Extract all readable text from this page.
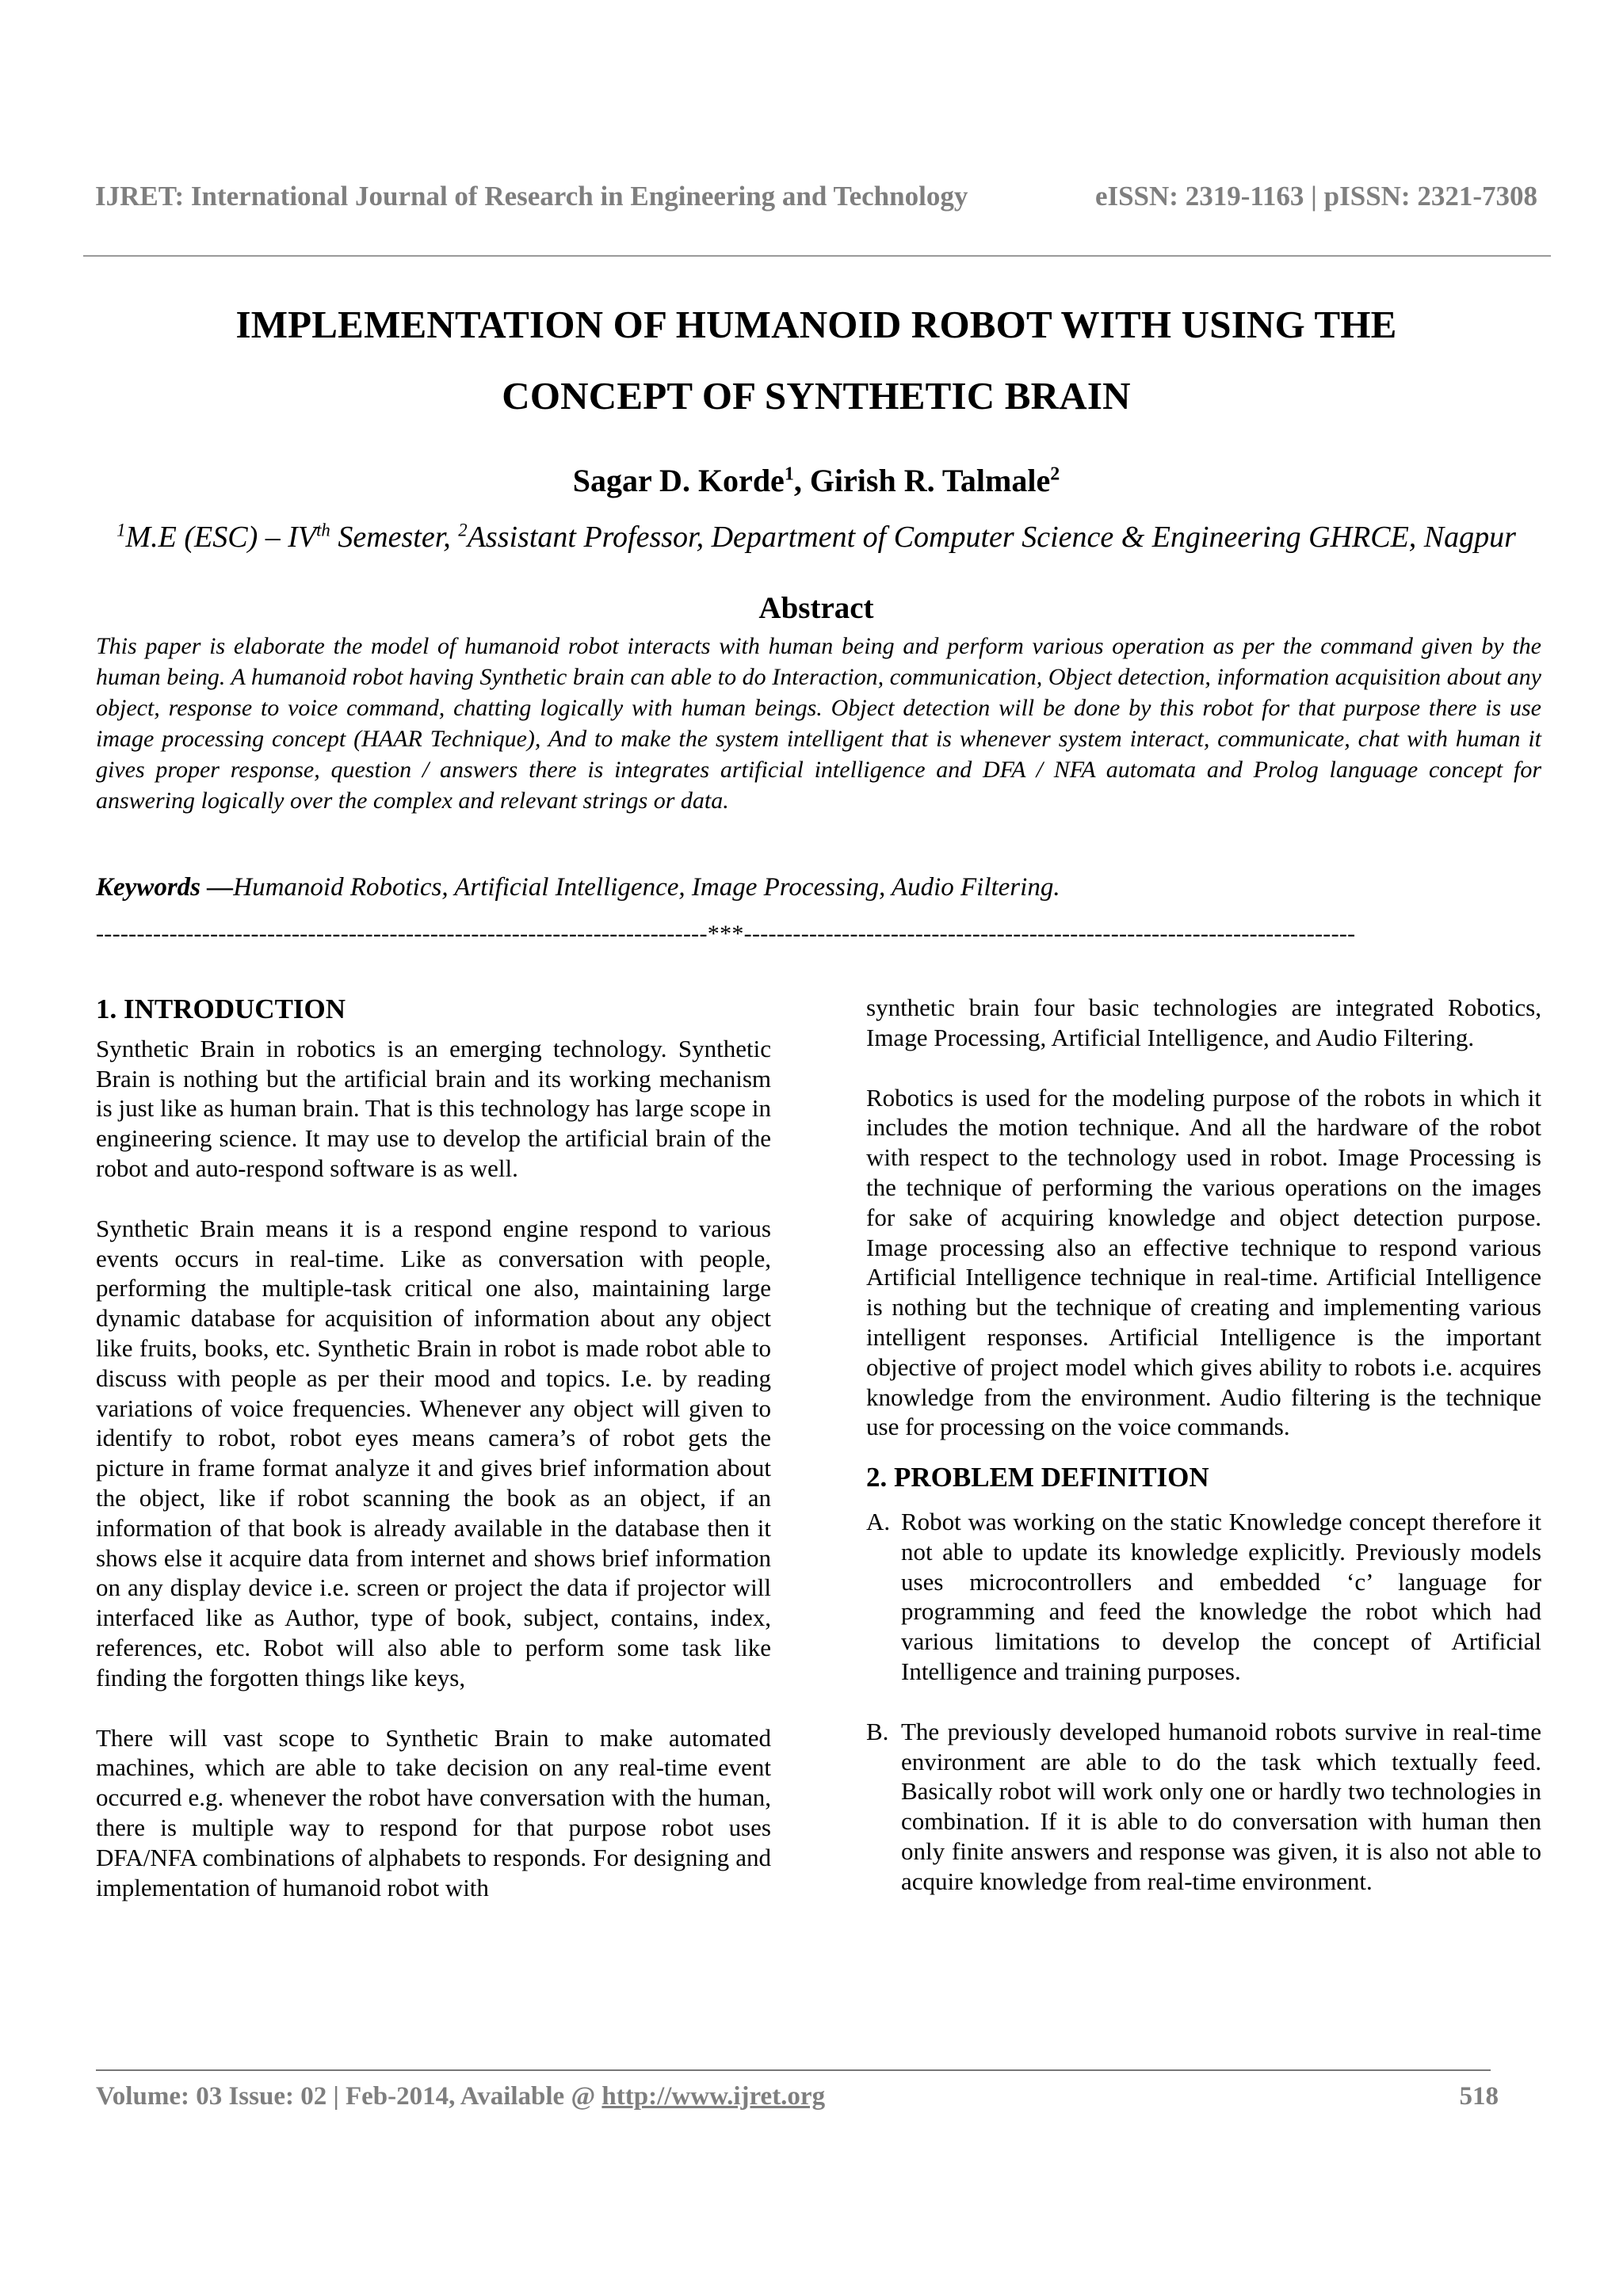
IJRET: International Journal of Research in Engineering and Technology	eISSN: 2319-1163 | pISSN: 2321-7308
IMPLEMENTATION OF HUMANOID ROBOT WITH USING THE
CONCEPT OF SYNTHETIC BRAIN
Sagar D. Korde$^1$, Girish R. Talmale$^2$
$^1$M.E (ESC) – IVth Semester, $^2$Assistant Professor, Department of Computer Science & Engineering GHRCE, Nagpur
Abstract
This paper is elaborate the model of humanoid robot interacts with human being and perform various operation as per the command given by the human being. A humanoid robot having Synthetic brain can able to do Interaction, communication, Object detection, information acquisition about any object, response to voice command, chatting logically with human beings. Object detection will be done by this robot for that purpose there is use image processing concept (HAAR Technique), And to make the system intelligent that is whenever system interact, communicate, chat with human it gives proper response, question / answers there is integrates artificial intelligence and DFA / NFA automata and Prolog language concept for answering logically over the complex and relevant strings or data.
Keywords —Humanoid Robotics, Artificial Intelligence, Image Processing, Audio Filtering.
---------------------------------------------------------------------------***---------------------------------------------------------------------------
1. INTRODUCTION

Synthetic Brain in robotics is an emerging technology. Synthetic Brain is nothing but the artificial brain and its working mechanism is just like as human brain. That is this technology has large scope in engineering science. It may use to develop the artificial brain of the robot and auto-respond software is as well.

Synthetic Brain means it is a respond engine respond to various events occurs in real-time. Like as conversation with people, performing the multiple-task critical one also, maintaining large dynamic database for acquisition of information about any object like fruits, books, etc. Synthetic Brain in robot is made robot able to discuss with people as per their mood and topics. I.e. by reading variations of voice frequencies. Whenever any object will given to identify to robot, robot eyes means camera’s of robot gets the picture in frame format analyze it and gives brief information about the object, like if robot scanning the book as an object, if an information of that book is already available in the database then it shows else it acquire data from internet and shows brief information on any display device i.e. screen or project the data if projector will interfaced like as Author, type of book, subject, contains, index, references, etc. Robot will also able to perform some task like finding the forgotten things like keys,

There will vast scope to Synthetic Brain to make automated machines, which are able to take decision on any real-time event occurred e.g. whenever the robot have conversation with the human, there is multiple way to respond for that purpose robot uses DFA/NFA combinations of alphabets to responds. For designing and implementation of humanoid robot with

synthetic brain four basic technologies are integrated Robotics, Image Processing, Artificial Intelligence, and Audio Filtering.

Robotics is used for the modeling purpose of the robots in which it includes the motion technique. And all the hardware of the robot with respect to the technology used in robot. Image Processing is the technique of performing the various operations on the images for sake of acquiring knowledge and object detection purpose. Image processing also an effective technique to respond various Artificial Intelligence technique in real-time. Artificial Intelligence is nothing but the technique of creating and implementing various intelligent responses. Artificial Intelligence is the important objective of project model which gives ability to robots i.e. acquires knowledge from the environment. Audio filtering is the technique use for processing on the voice commands.

2. PROBLEM DEFINITION
A. Robot was working on the static Knowledge concept therefore it not able to update its knowledge explicitly. Previously models uses microcontrollers and embedded ‘c’ language for programming and feed the knowledge the robot which had various limitations to develop the concept of Artificial Intelligence and training purposes.
B. The previously developed humanoid robots survive in real-time environment are able to do the task which textually feed. Basically robot will work only one or hardly two technologies in combination. If it is able to do conversation with human then only finite answers and response was given, it is also not able to acquire knowledge from real-time environment.
Volume: 03 Issue: 02 | Feb-2014, Available @ http://www.ijret.org	518
